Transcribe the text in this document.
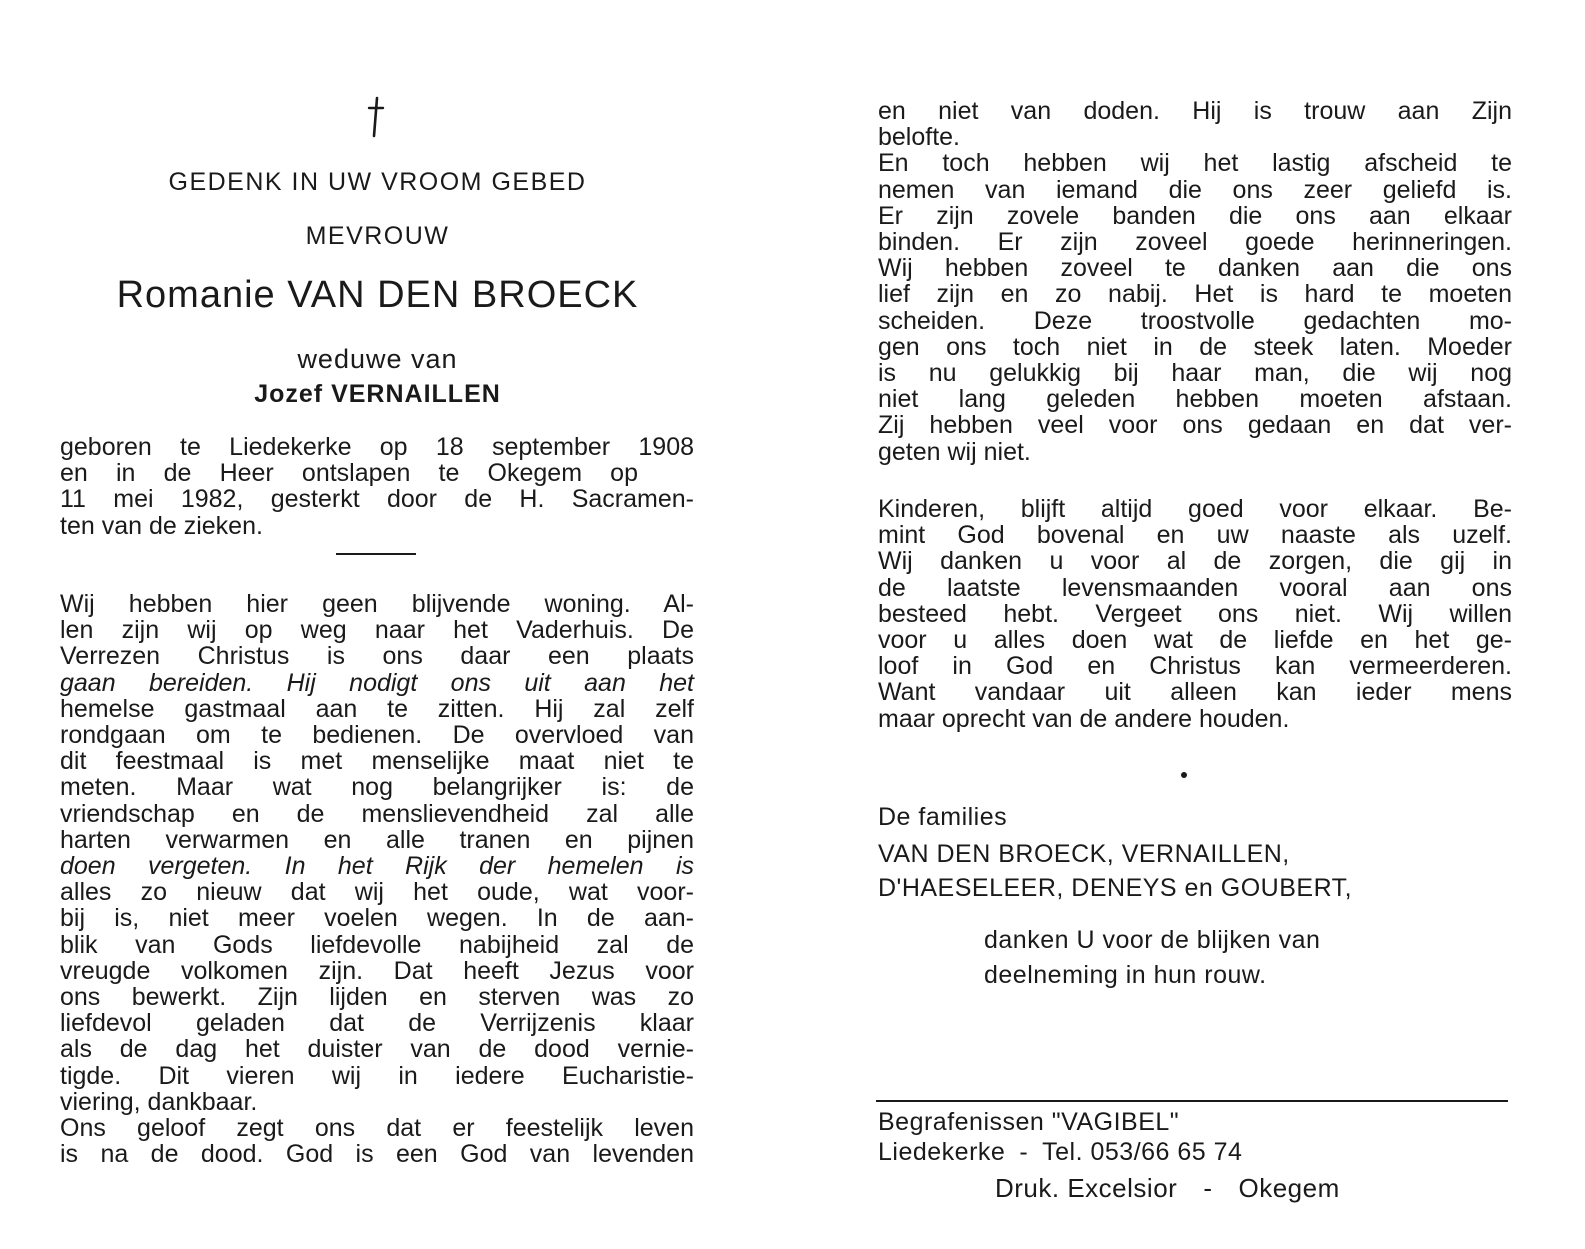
GEDENK IN UW VROOM GEBED
MEVROUW
Romanie VAN DEN BROECK
weduwe van
Jozef VERNAILLEN
geboren te Liedekerke op 18 september 1908
en in de Heer ontslapen te Okegem op
11 mei 1982, gesterkt door de H. Sacramen-
ten van de zieken.
Wij hebben hier geen blijvende woning. Al-
len zijn wij op weg naar het Vaderhuis. De
Verrezen Christus is ons daar een plaats
gaan bereiden. Hij nodigt ons uit aan het
hemelse gastmaal aan te zitten. Hij zal zelf
rondgaan om te bedienen. De overvloed van
dit feestmaal is met menselijke maat niet te
meten. Maar wat nog belangrijker is: de
vriendschap en de menslievendheid zal alle
harten verwarmen en alle tranen en pijnen
doen vergeten. In het Rijk der hemelen is
alles zo nieuw dat wij het oude, wat voor-
bij is, niet meer voelen wegen. In de aan-
blik van Gods liefdevolle nabijheid zal de
vreugde volkomen zijn. Dat heeft Jezus voor
ons bewerkt. Zijn lijden en sterven was zo
liefdevol geladen dat de Verrijzenis klaar
als de dag het duister van de dood vernie-
tigde. Dit vieren wij in iedere Eucharistie-
viering, dankbaar.
Ons geloof zegt ons dat er feestelijk leven
is na de dood. God is een God van levenden
en niet van doden. Hij is trouw aan Zijn
belofte.
En toch hebben wij het lastig afscheid te
nemen van iemand die ons zeer geliefd is.
Er zijn zovele banden die ons aan elkaar
binden. Er zijn zoveel goede herinneringen.
Wij hebben zoveel te danken aan die ons
lief zijn en zo nabij. Het is hard te moeten
scheiden. Deze troostvolle gedachten mo-
gen ons toch niet in de steek laten. Moeder
is nu gelukkig bij haar man, die wij nog
niet lang geleden hebben moeten afstaan.
Zij hebben veel voor ons gedaan en dat ver-
geten wij niet.
Kinderen, blijft altijd goed voor elkaar. Be-
mint God bovenal en uw naaste als uzelf.
Wij danken u voor al de zorgen, die gij in
de laatste levensmaanden vooral aan ons
besteed hebt. Vergeet ons niet. Wij willen
voor u alles doen wat de liefde en het ge-
loof in God en Christus kan vermeerderen.
Want vandaar uit alleen kan ieder mens
maar oprecht van de andere houden.
De families
VAN DEN BROECK, VERNAILLEN,
D'HAESELEER, DENEYS en GOUBERT,
danken U voor de blijken van
deelneming in hun rouw.
Begrafenissen "VAGIBEL"
Liedekerke - Tel. 053/66 65 74
Druk. Excelsior - Okegem
